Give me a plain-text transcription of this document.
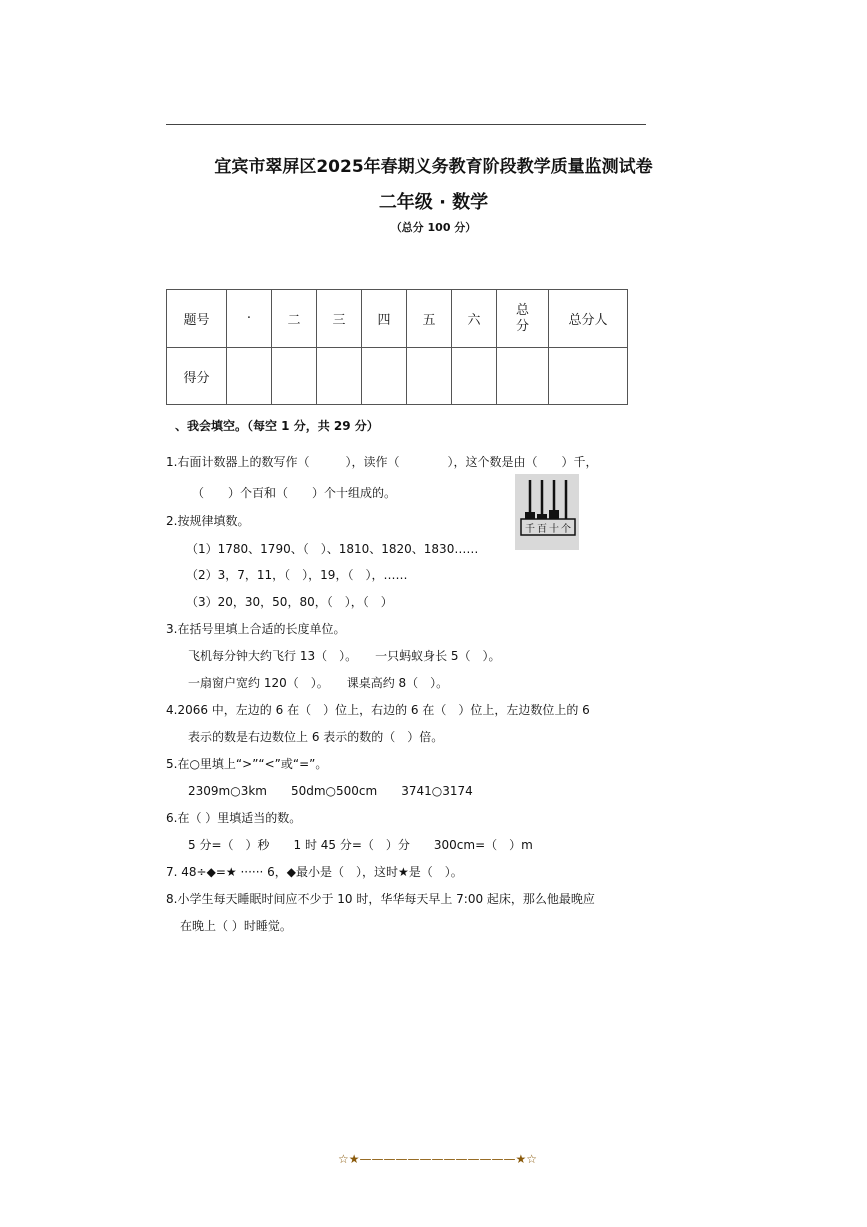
宜宾市翠屏区2025年春期义务教育阶段教学质量监测试卷
二年级 · 数学
（总分 100 分）
题号	·	二	三	四	五	六	总分	总分人
得分								
、我会填空。（每空 1 分，共 29 分）
1.右面计数器上的数写作（　　　），读作（　　　　），这个数是由（　　）千，
（　　）个百和（　　）个十组成的。
千 百 十 个
2.按规律填数。
（1）1780、1790、（　）、1810、1820、1830……
（2）3，7，11，（　），19，（　），……
（3）20，30，50，80，（　），（　）
3.在括号里填上合适的长度单位。
飞机每分钟大约飞行 13（　）。　　一只蚂蚁身长 5（　）。
一扇窗户宽约 120（　）。　　课桌高约 8（　）。
4.2066 中，左边的 6 在（　）位上，右边的 6 在（　）位上，左边数位上的 6
表示的数是右边数位上 6 表示的数的（　）倍。
5.在○里填上“>”“<”或“=”。
2309m○3km　　50dm○500cm　　3741○3174
6.在（ ）里填适当的数。
5 分=（　）秒　　1 时 45 分=（　）分　　300cm=（　）m
7. 48÷◆=★ ······ 6，◆最小是（　），这时★是（　）。
8.小学生每天睡眠时间应不少于 10 时，华华每天早上 7:00 起床，那么他最晚应
在晚上（ ）时睡觉。
☆★—————————————★☆
